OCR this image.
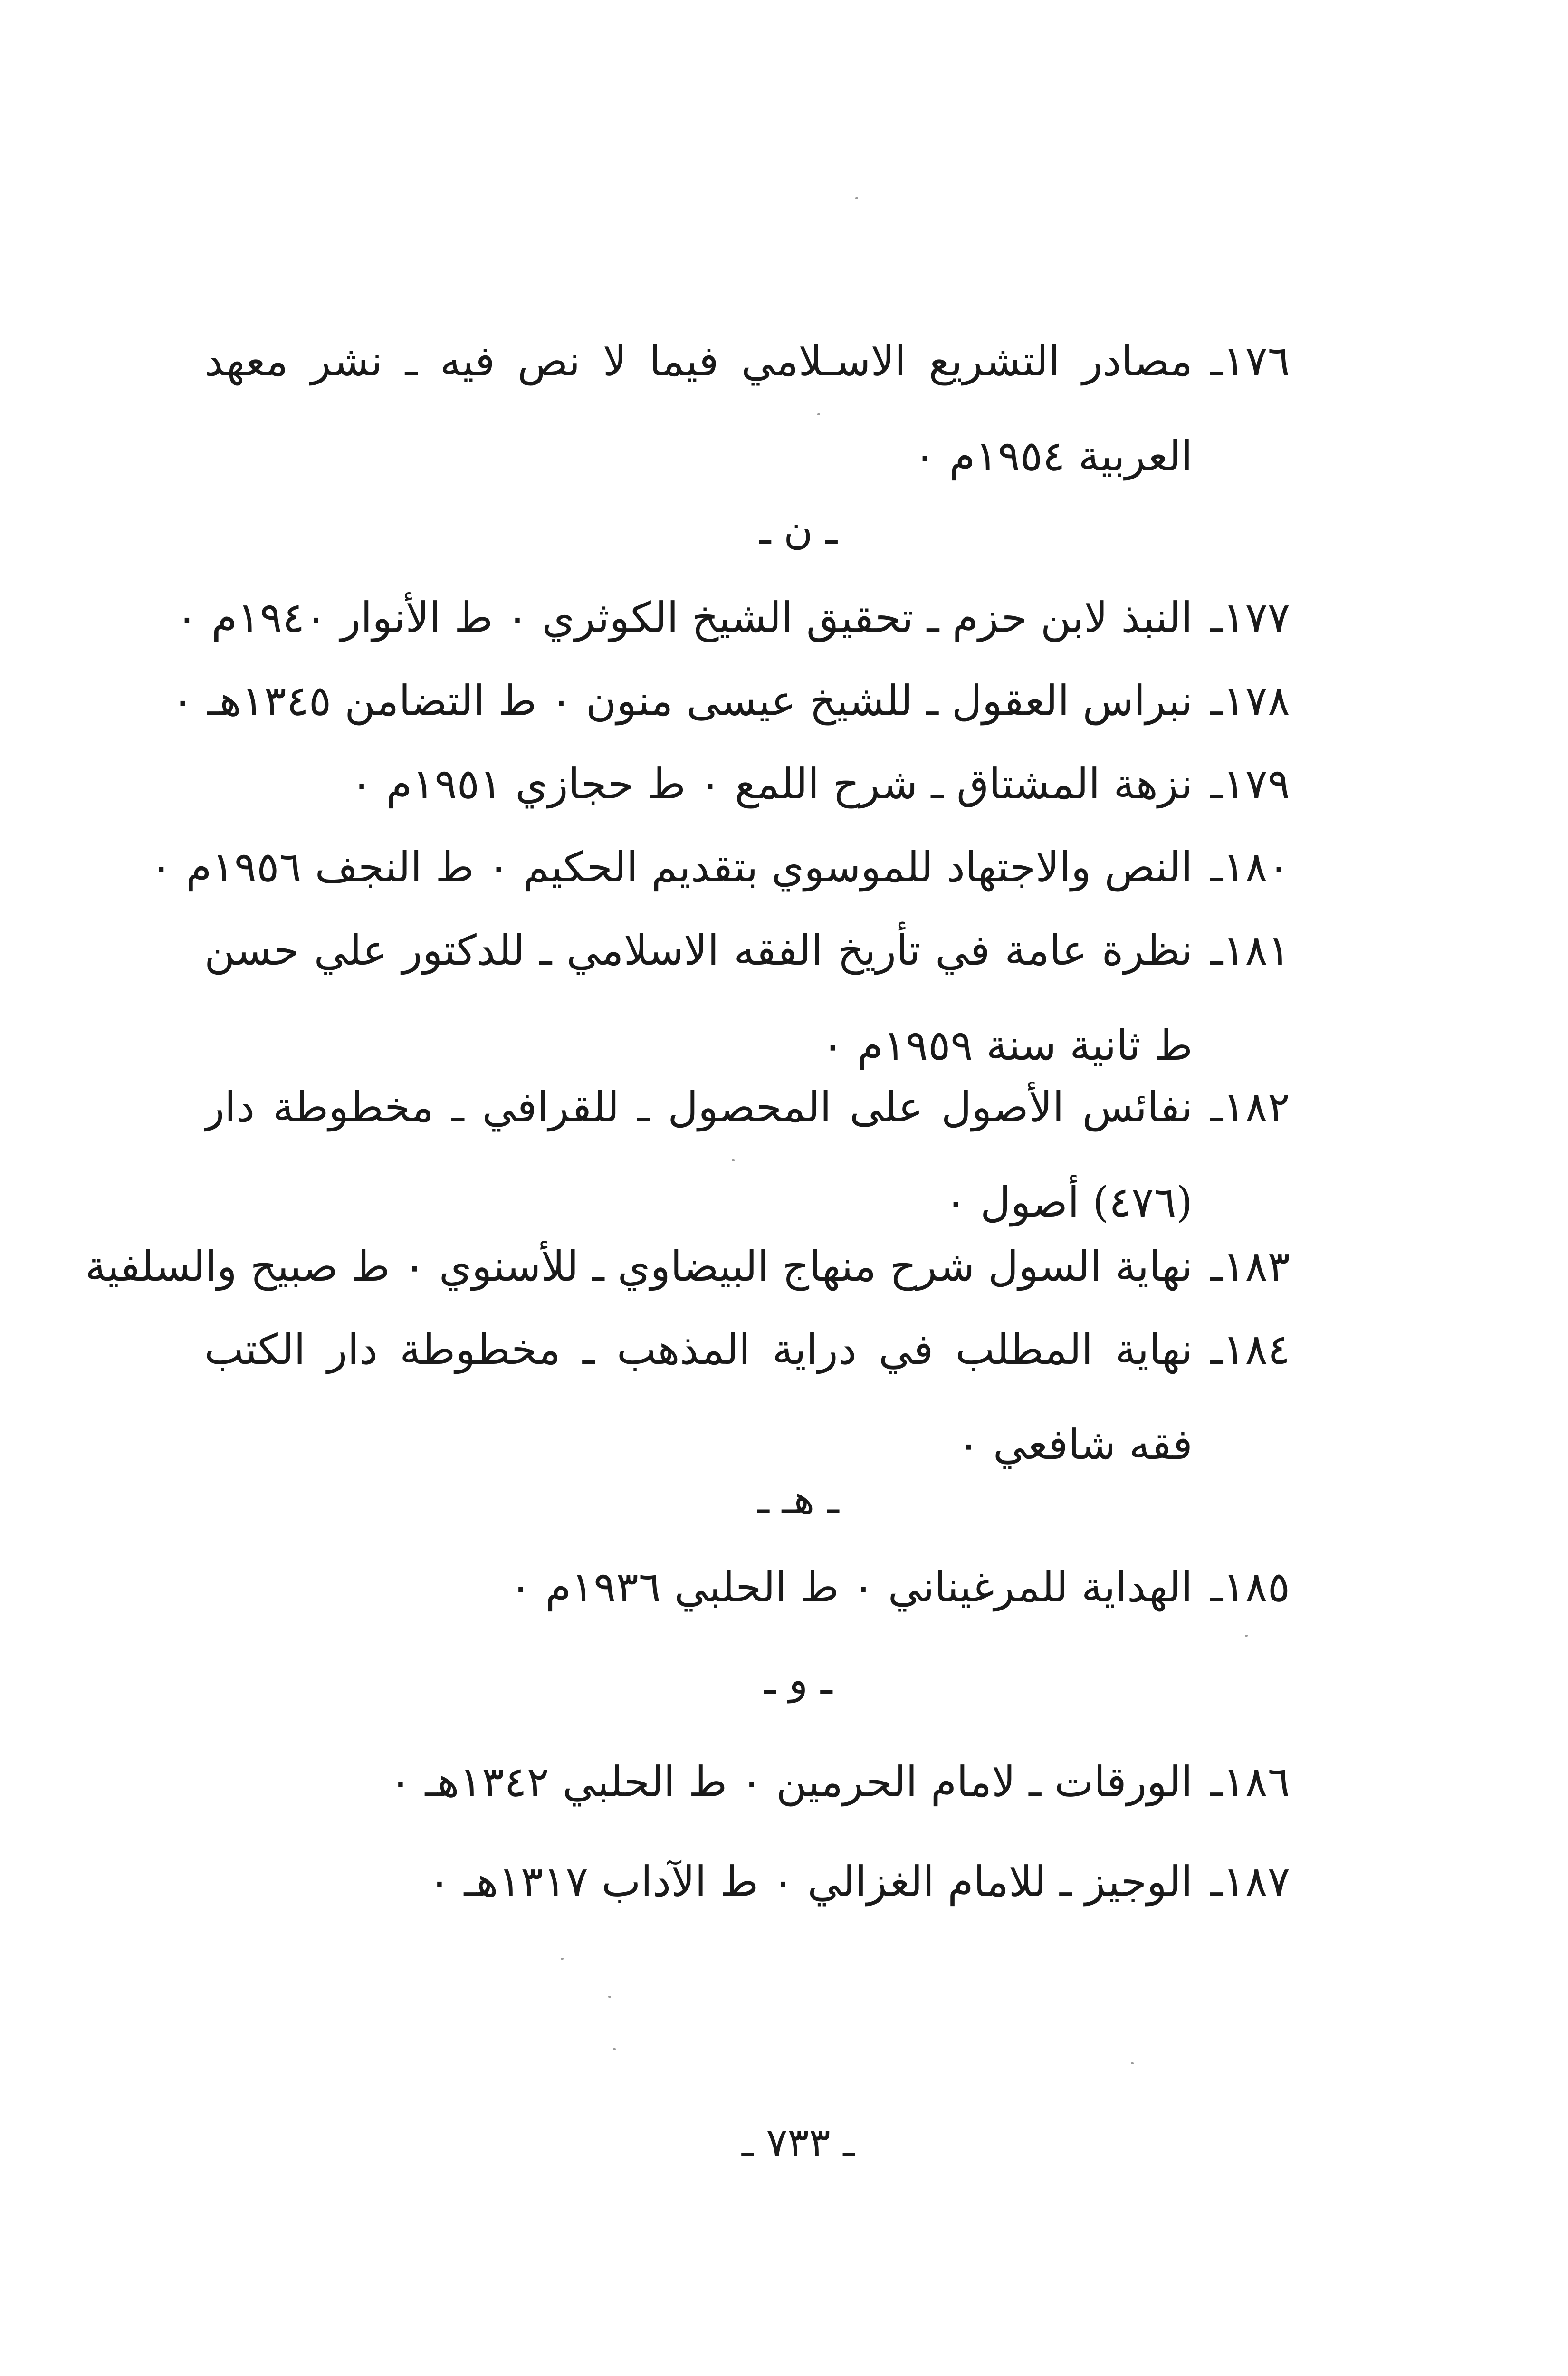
١٧٦ـمصادر التشريع الاسـلامي فيما لا نص فيه ـ نشر معهد
العربية ١٩٥٤م ٠
ـ ن ـ
١٧٧ـالنبذ لابن حزم ـ تحقيق الشيخ الكوثري ٠ ط الأنوار ١٩٤٠م ٠
١٧٨ـنبراس العقول ـ للشيخ عيسى منون ٠ ط التضامن ١٣٤٥هـ ٠
١٧٩ـنزهة المشتاق ـ شرح اللمع ٠ ط حجازي ١٩٥١م ٠
١٨٠ـالنص والاجتهاد للموسوي بتقديم الحكيم ٠ ط النجف ١٩٥٦م ٠
١٨١ـنظرة عامة في تأريخ الفقه الاسلامي ـ للدكتور علي حسن
ط ثانية سنة ١٩٥٩م ٠
١٨٢ـنفائس الأصول على المحصول ـ للقرافي ـ مخطوطة دار
(٤٧٦) أصول ٠
١٨٣ـنهاية السول شرح منهاج البيضاوي ـ للأسنوي ٠ ط صبيح والسلفية
١٨٤ـنهاية المطلب في دراية المذهب ـ مخطوطة دار الكتب
فقه شافعي ٠
ـ هـ ـ
١٨٥ـالهداية للمرغيناني ٠ ط الحلبي ١٩٣٦م ٠
ـ و ـ
١٨٦ـالورقات ـ لامام الحرمين ٠ ط الحلبي ١٣٤٢هـ ٠
١٨٧ـالوجيز ـ للامام الغزالي ٠ ط الآداب ١٣١٧هـ ٠
ـ ٧٣٣ ـ
